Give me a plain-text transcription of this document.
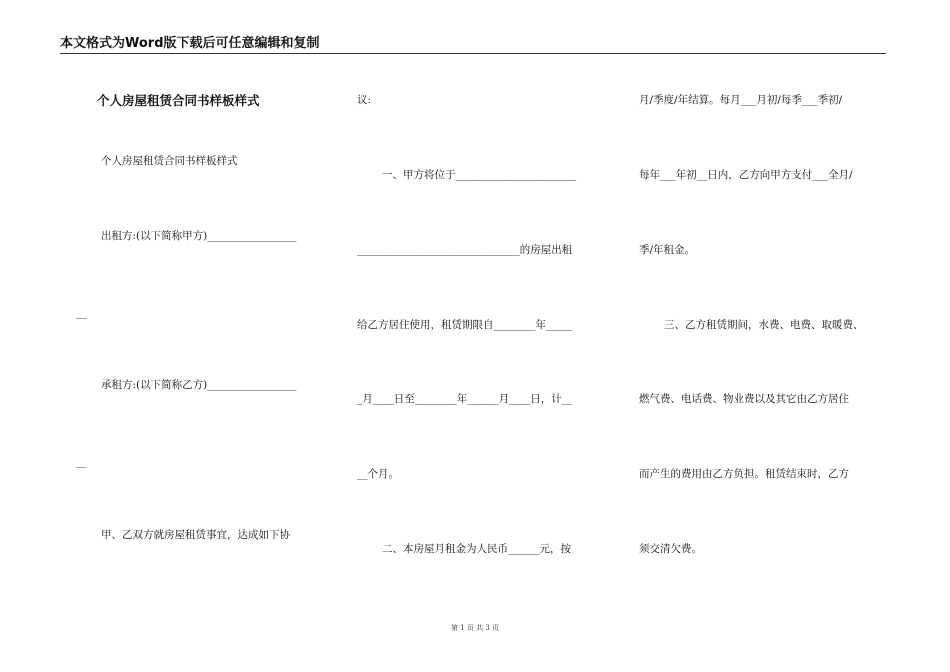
本文格式为Word版下载后可任意编辑和复制
个人房屋租赁合同书样板样式
个人房屋租赁合同书样板样式
出租方:(以下简称甲方)_________________
__
承租方:(以下简称乙方)_________________
__
甲、乙双方就房屋租赁事宜，达成如下协
议:
一、甲方将位于_______________________
_______________________________的房屋出租
给乙方居住使用，租赁期限自________年_____
_月____日至________年______月____日，计__
__个月。
二、本房屋月租金为人民币______元，按
月/季度/年结算。每月___月初/每季___季初/
每年___年初__日内，乙方向甲方支付___全月/
季/年租金。
三、乙方租赁期间，水费、电费、取暖费、
燃气费、电话费、物业费以及其它由乙方居住
而产生的费用由乙方负担。租赁结束时，乙方
须交清欠费。
第 1 页 共 3 页
